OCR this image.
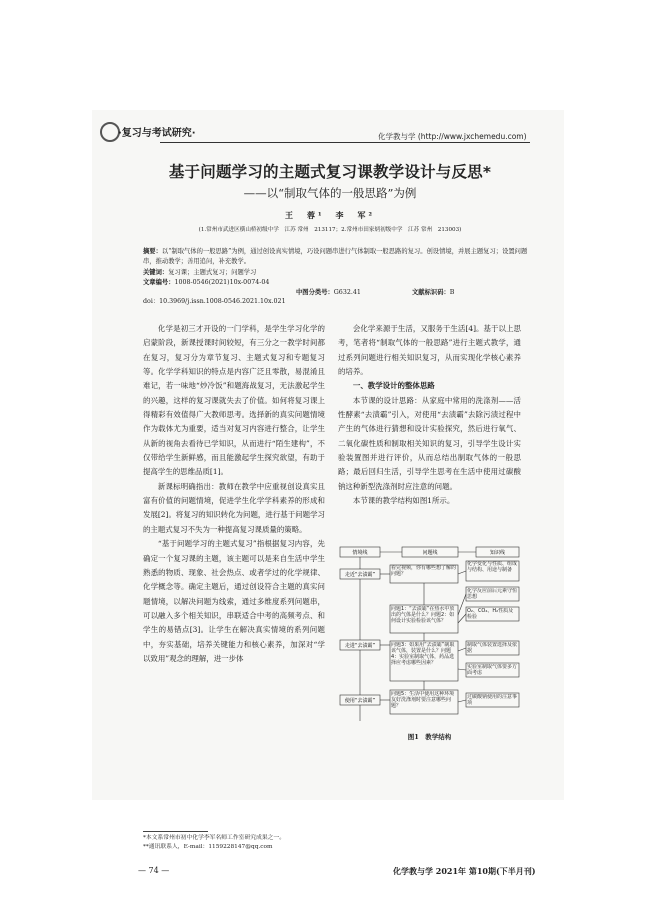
·复习与考试研究·	化学教与学 (http://www.jxchemedu.com)
基于问题学习的主题式复习课教学设计与反思*
——以“制取气体的一般思路”为例
王　蓉¹　李　军²
(1.常州市武进区横山桥初级中学　江苏 常州　213117；2.常州市田家炳初级中学　江苏 常州　213003)
摘要：以“制取气体的一般思路”为例，通过创设真实情境，巧设问题串进行气体制取一般思路的复习。创设情境，并展主题复习；设置问题串，推动教学；善用追问，补充教学。
关键词：复习课；主题式复习；问题学习
文章编号：1008-0546(2021)10x-0074-04
中图分类号：G632.41	文献标识码：B
doi：10.3969/j.issn.1008-0546.2021.10x.021

化学是初三才开设的一门学科，是学生学习化学的启蒙阶段，新课授课时间较短，有三分之一教学时间都在复习，复习分为章节复习、主题式复习和专题复习等。化学学科知识的特点是内容广泛且零散，易混淆且难记，若一味地“炒冷饭”和题海战复习，无法激起学生的兴趣，这样的复习课就失去了价值。如何将复习课上得精彩有效值得广大教师思考。选择新的真实问题情境作为载体尤为重要，适当对复习内容进行整合，让学生从新的视角去看待已学知识，从而进行“陌生建构”，不仅带给学生新鲜感，而且能激起学生探究欲望，有助于提高学生的思维品质[1]。

新课标明确指出：教师在教学中应重视创设真实且富有价值的问题情境，促进学生化学学科素养的形成和发展[2]。将复习的知识转化为问题，进行基于问题学习的主题式复习不失为一种提高复习课质量的策略。

“基于问题学习的主题式复习”指根据复习内容，先确定一个复习课的主题，该主题可以是来自生活中学生熟悉的物质、现象、社会热点、或者学过的化学规律、化学概念等。确定主题后，通过创设符合主题的真实问题情境，以解决问题为线索，通过多维度系列问题串，可以融入多个相关知识，串联适合中考的高频考点、和学生的易错点[3]。让学生在解决真实情境的系列问题中，夯实基础，培养关键能力和核心素养，加深对“学以致用”观念的理解，进一步体

会化学来源于生活，又服务于生活[4]。基于以上思考，笔者将“制取气体的一般思路”进行主题式教学，通过系列问题进行相关知识复习，从而实现化学核心素养的培养。

一、教学设计的整体思路

本节课的设计思路：从家庭中常用的洗涤剂——活性酵素“去渍霸”引入，对使用“去渍霸”去除污渍过程中产生的气体进行猜想和设计实验探究，然后进行氧气、二氧化碳性质和制取相关知识的复习，引导学生设计实验装置图并进行评价，从而总结出制取气体的一般思路；最后回归生活，引导学生思考在生活中使用过碳酸钠这种新型洗涤剂时应注意的问题。

本节课的教学结构如图1所示。

情境线	问题线	知识线
走近“去渍霸”
走进“去渍霸”
使用“去渍霸”
看完视频，你有哪些想了解的问题？
问题1：“去渍霸”在热水中放出的气体是什么？问题2：如何设计实验检验该气体？
问题3：如果用“去渍霸”制取该气体，装置是什么？问题4：实验室制取气体，药品选择应考虑哪些因素？
问题5：生活中使用这种环境友好洗涤剂时要注意哪些问题？
化学变化与性质、组成与结构、用途与制备
化学反应前后元素守恒思想
O₂、CO₂、H₂性质及检验
制取气体装置选择及依据
实验室制取气体要多方面考虑
过碳酸钠使用的注意事项
图1　教学结构
*本文系常州市初中化学李军名师工作室研究成果之一。
**通讯联系人，E-mail：1159228147@qq.com
— 74 —	化学教与学 2021年 第10期(下半月刊)
